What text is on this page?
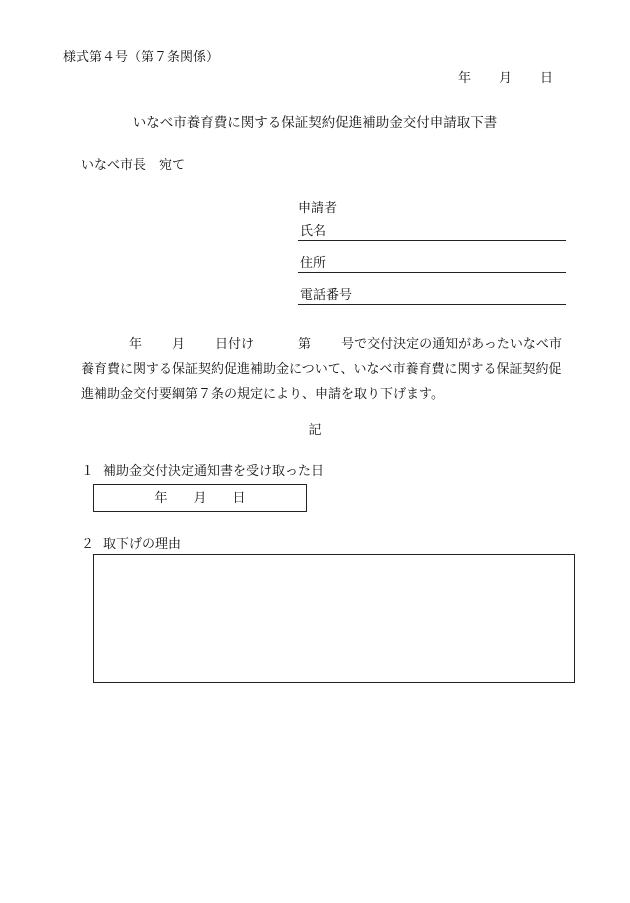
様式第４号（第７条関係）
年 月 日
いなべ市養育費に関する保証契約促進補助金交付申請取下書
いなべ市長　宛て
申請者
氏名
住所
電話番号
年 月 日付け	第 号で交付決定の通知があったいなべ市
養育費に関する保証契約促進補助金について、いなべ市養育費に関する保証契約促
進補助金交付要綱第７条の規定により、申請を取り下げます。
記
１ 補助金交付決定通知書を受け取った日
年 月 日
２ 取下げの理由
